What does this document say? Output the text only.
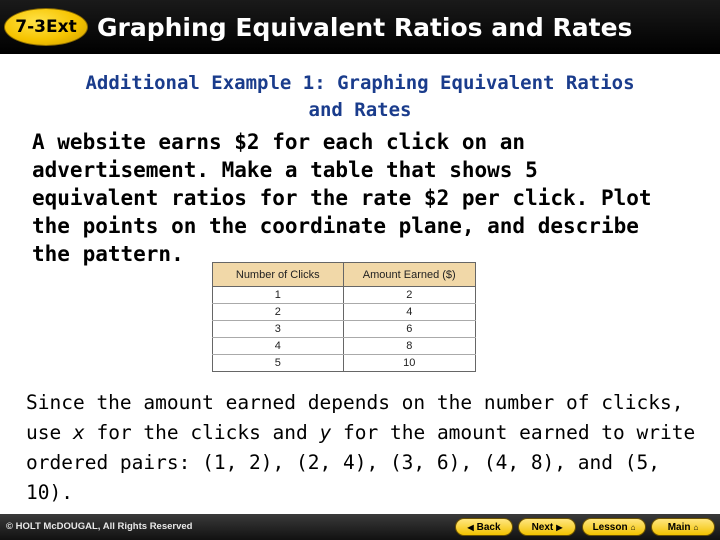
7-3Ext Graphing Equivalent Ratios and Rates
Additional Example 1: Graphing Equivalent Ratios
and Rates
A website earns $2 for each click on an
advertisement. Make a table that shows 5
equivalent ratios for the rate $2 per click. Plot
the points on the coordinate plane, and describe
the pattern.
Number of Clicks	Amount Earned ($)
1	2
2	4
3	6
4	8
5	10
Since the amount earned depends on the number of clicks, use x for the clicks and y for the amount earned to write ordered pairs: (1, 2), (2, 4), (3, 6), (4, 8), and (5, 10).
© HOLT McDOUGAL, All Rights Reserved	◀ Back	Next ▶	Lesson ⌂	Main ⌂
